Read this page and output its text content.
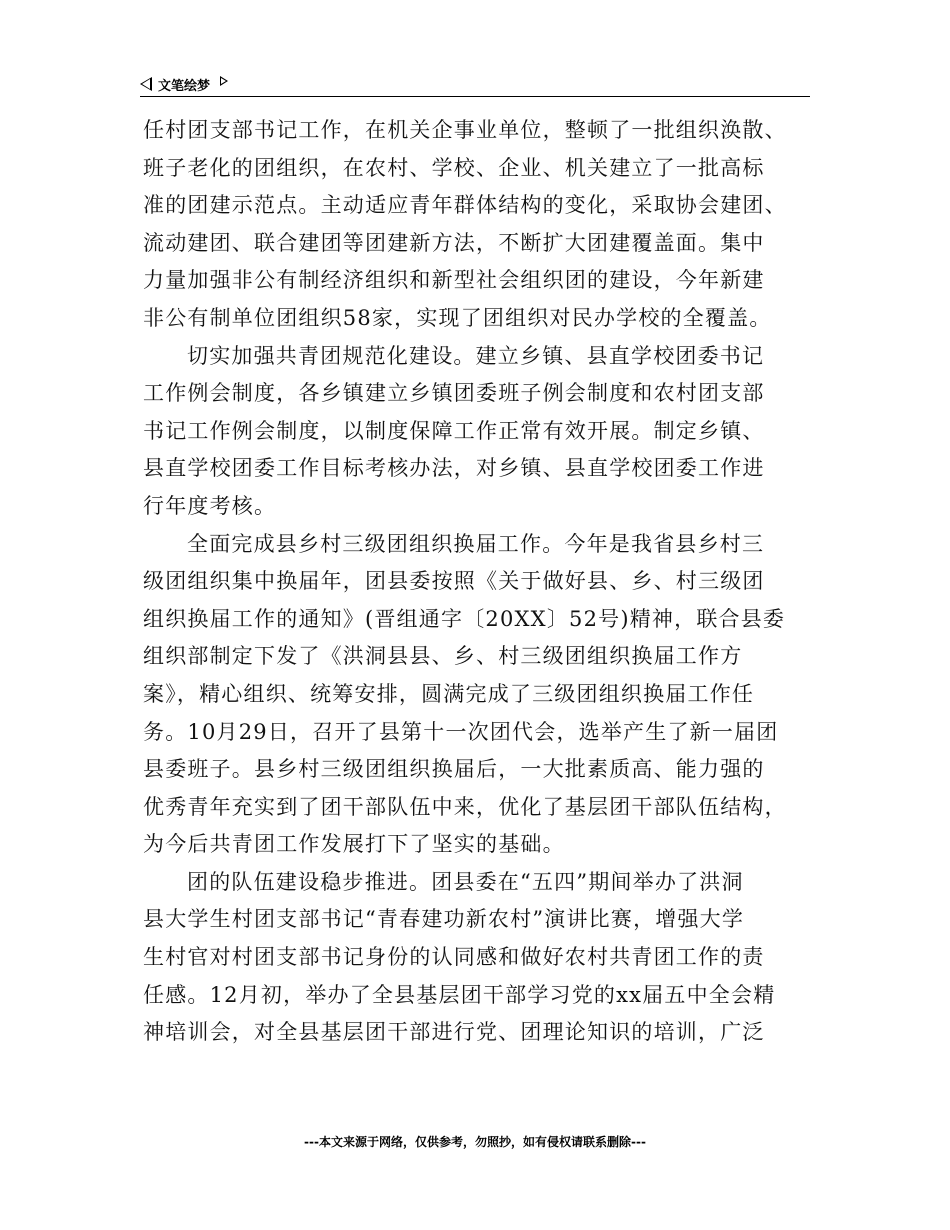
文笔绘梦
任村团支部书记工作，在机关企事业单位，整顿了一批组织涣散、
班子老化的团组织，在农村、学校、企业、机关建立了一批高标
准的团建示范点。主动适应青年群体结构的变化，采取协会建团、
流动建团、联合建团等团建新方法，不断扩大团建覆盖面。集中
力量加强非公有制经济组织和新型社会组织团的建设，今年新建
非公有制单位团组织58家，实现了团组织对民办学校的全覆盖。
切实加强共青团规范化建设。建立乡镇、县直学校团委书记
工作例会制度，各乡镇建立乡镇团委班子例会制度和农村团支部
书记工作例会制度，以制度保障工作正常有效开展。制定乡镇、
县直学校团委工作目标考核办法，对乡镇、县直学校团委工作进
行年度考核。
全面完成县乡村三级团组织换届工作。今年是我省县乡村三
级团组织集中换届年，团县委按照《关于做好县、乡、村三级团
组织换届工作的通知》(晋组通字〔20XX〕52号)精神，联合县委
组织部制定下发了《洪洞县县、乡、村三级团组织换届工作方
案》，精心组织、统筹安排，圆满完成了三级团组织换届工作任
务。10月29日，召开了县第十一次团代会，选举产生了新一届团
县委班子。县乡村三级团组织换届后，一大批素质高、能力强的
优秀青年充实到了团干部队伍中来，优化了基层团干部队伍结构，
为今后共青团工作发展打下了坚实的基础。
团的队伍建设稳步推进。团县委在“五四”期间举办了洪洞
县大学生村团支部书记“青春建功新农村”演讲比赛，增强大学
生村官对村团支部书记身份的认同感和做好农村共青团工作的责
任感。12月初，举办了全县基层团干部学习党的xx届五中全会精
神培训会，对全县基层团干部进行党、团理论知识的培训，广泛
---本文来源于网络，仅供参考，勿照抄，如有侵权请联系删除---
